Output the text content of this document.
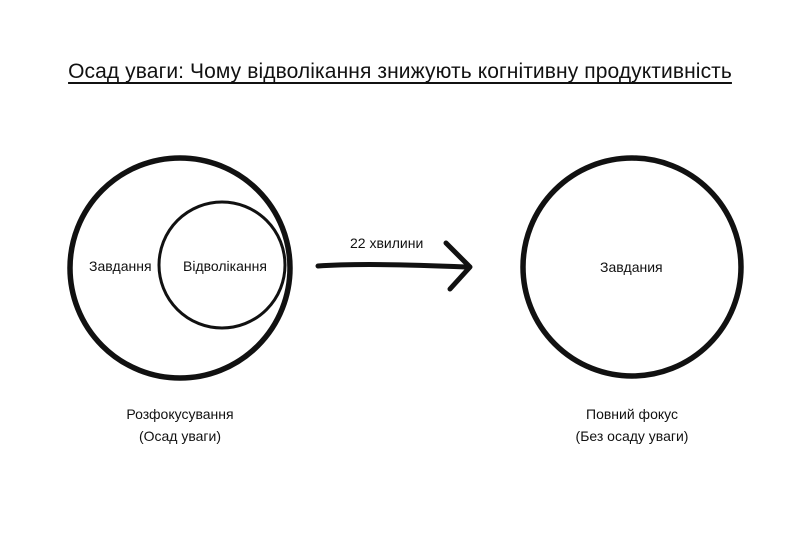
Осад уваги: Чому відволікання знижують когнітивну продуктивність
Завдання Відволікання
22 хвилини
Завдания
Розфокусування
(Осад уваги)
Повний фокус
(Без осаду уваги)
